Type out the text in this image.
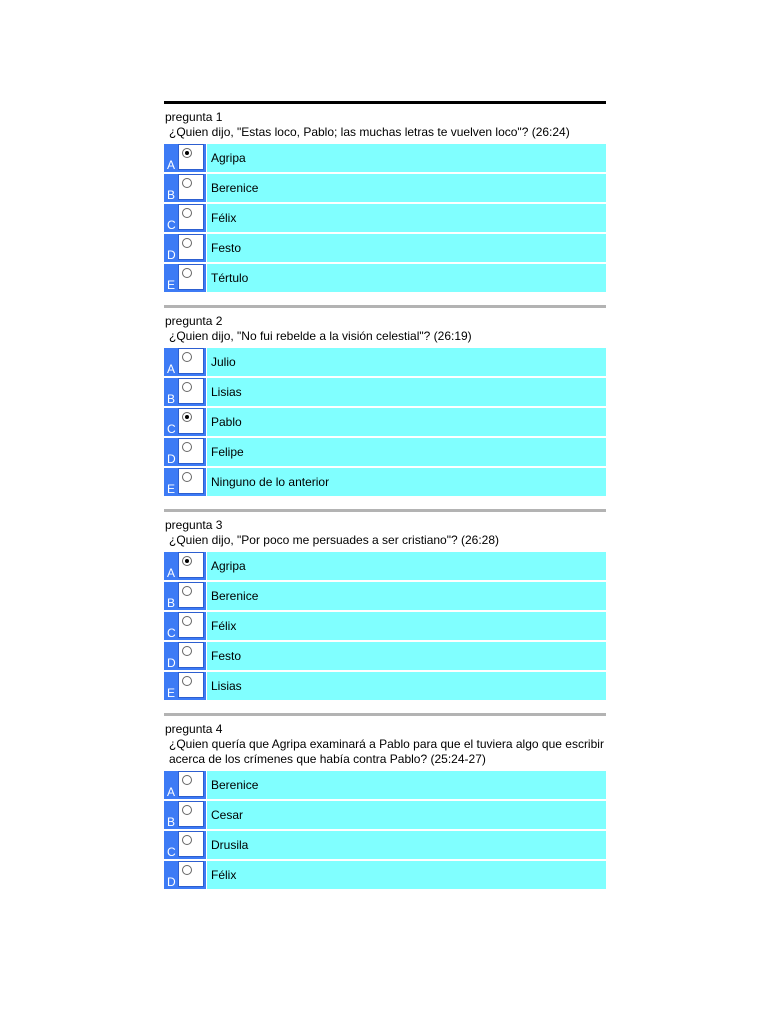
pregunta 1
¿Quien dijo, "Estas loco, Pablo; las muchas letras te vuelven loco"? (26:24)
A	Agripa
B	Berenice
C	Félix
D	Festo
E	Tértulo
pregunta 2
¿Quien dijo, "No fui rebelde a la visión celestial"? (26:19)
A	Julio
B	Lisias
C	Pablo
D	Felipe
E	Ninguno de lo anterior
pregunta 3
¿Quien dijo, "Por poco me persuades a ser cristiano"? (26:28)
A	Agripa
B	Berenice
C	Félix
D	Festo
E	Lisias
pregunta 4
¿Quien quería que Agripa examinará a Pablo para que el tuviera algo que escribir acerca de los crímenes que había contra Pablo? (25:24-27)
A	Berenice
B	Cesar
C	Drusila
D	Félix
